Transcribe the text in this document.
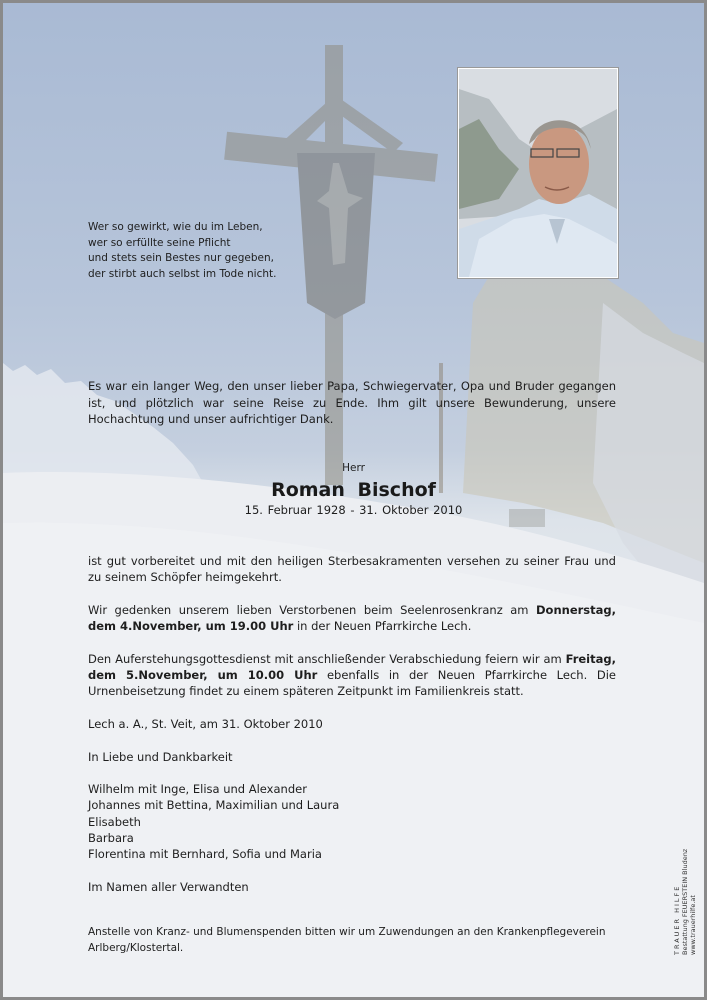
Wer so gewirkt, wie du im Leben,
wer so erfüllte seine Pflicht
und stets sein Bestes nur gegeben,
der stirbt auch selbst im Tode nicht.
Es war ein langer Weg, den unser lieber Papa, Schwiegervater, Opa und Bruder gegangen ist, und plötzlich war seine Reise zu Ende. Ihm gilt unsere Bewunderung, unsere Hochachtung und unser aufrichtiger Dank.
Herr
Roman Bischof
15. Februar 1928 - 31. Oktober 2010

ist gut vorbereitet und mit den heiligen Sterbesakramenten versehen zu seiner Frau und zu seinem Schöpfer heimgekehrt.

Wir gedenken unserem lieben Verstorbenen beim Seelenrosenkranz am Donnerstag, dem 4.November, um 19.00 Uhr in der Neuen Pfarrkirche Lech.

Den Auferstehungsgottesdienst mit anschließender Verabschiedung feiern wir am Freitag, dem 5.November, um 10.00 Uhr ebenfalls in der Neuen Pfarrkirche Lech. Die Urnenbeisetzung findet zu einem späteren Zeitpunkt im Familienkreis statt.

Lech a. A., St. Veit, am 31. Oktober 2010

In Liebe und Dankbarkeit

Wilhelm mit Inge, Elisa und Alexander

Johannes mit Bettina, Maximilian und Laura

Elisabeth

Barbara

Florentina mit Bernhard, Sofia und Maria

Im Namen aller Verwandten

Anstelle von Kranz- und Blumenspenden bitten wir um Zuwendungen an den Krankenpflegeverein Arlberg/Klostertal.	TRAUER HILFE Bestattung FEUERSTEIN Bludenz www.trauerhilfe.at
